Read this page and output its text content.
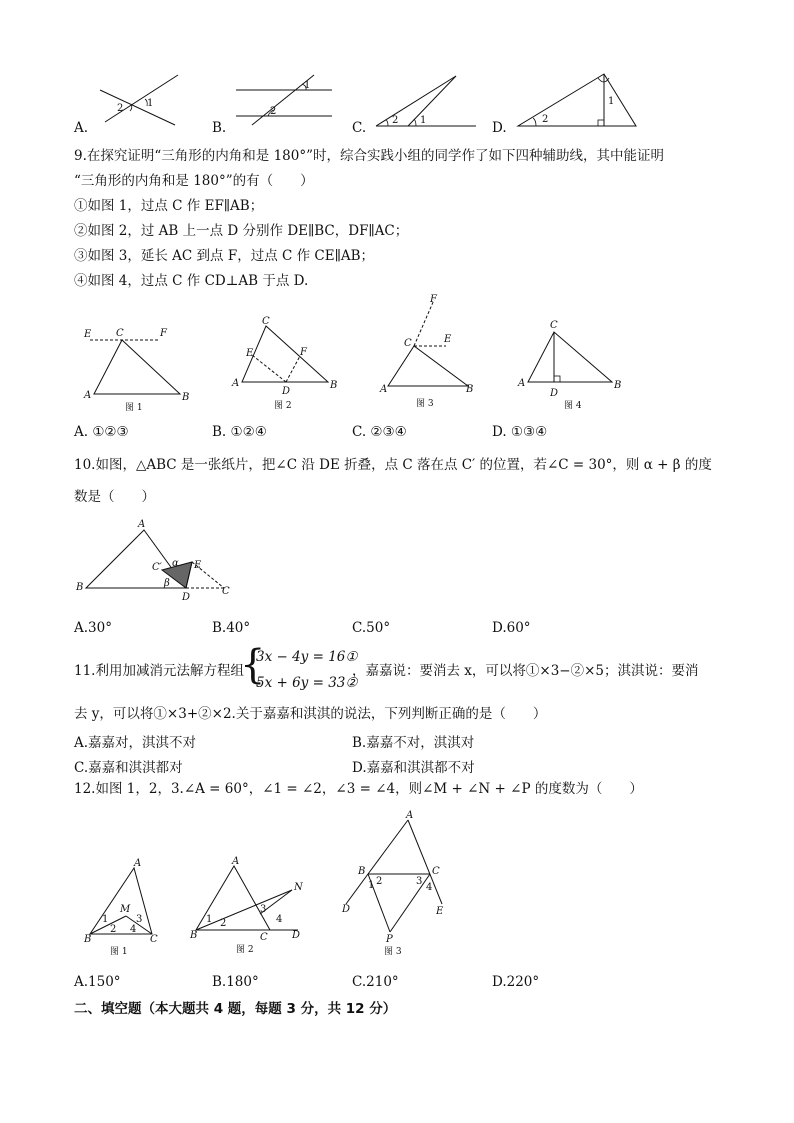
A.
2 1
B.
1
2
C.	2 1	D.
1
2
9.在探究证明“三角形的内角和是 180°”时，综合实践小组的同学作了如下四种辅助线，其中能证明
“三角形的内角和是 180°”的有（　　）
①如图 1，过点 C 作 EF∥AB；
②如图 2，过 AB 上一点 D 分别作 DE∥BC，DF∥AC；
③如图 3，延长 AC 到点 F，过点 C 作 CE∥AB；
④如图 4，过点 C 作 CD⊥AB 于点 D.
E C	F
A	B
图 1
C
E	F
A	B
D
图 2
F
C	E
A	B
图 3
C
A	B
D
图 4
A. ①②③	B. ①②④	C. ②③④	D. ①③④
10.如图，△ABC 是一张纸片，把∠C 沿 DE 折叠，点 C 落在点 C′ 的位置，若∠C = 30°，则 α + β 的度
数是（　　）
A
B	C
C′	E
D
α
β
A.30°	B.40°	C.50°	D.60°
11.利用加减消元法解方程组
{
3x − 4y = 16①
5x + 6y = 33②
，嘉嘉说：要消去 x，可以将①×3−②×5；淇淇说：要消
去 y，可以将①×3+②×2.关于嘉嘉和淇淇的说法，下列判断正确的是（　　）
A.嘉嘉对，淇淇不对	B.嘉嘉不对，淇淇对
C.嘉嘉和淇淇都对	D.嘉嘉和淇淇都不对
12.如图 1，2，3.∠A = 60°，∠1 = ∠2，∠3 = ∠4，则∠M + ∠N + ∠P 的度数为（　　）
A
M
B	C
1
2
3
4
图 1
A
N
B	C D
1 2
3
4
图 2
A
B	C
D	E
P
1 2	3
4
图 3
A.150°	B.180°	C.210°	D.220°
二、填空题（本大题共 4 题，每题 3 分，共 12 分）
